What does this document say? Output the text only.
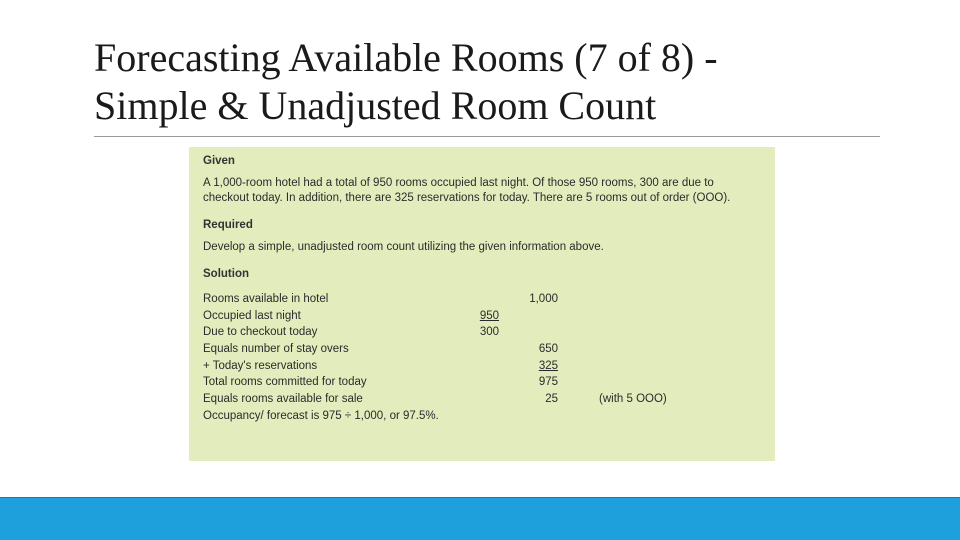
Forecasting Available Rooms (7 of 8) -
Simple & Unadjusted Room Count

Given

A 1,000-room hotel had a total of 950 rooms occupied last night. Of those 950 rooms, 300 are due to checkout today. In addition, there are 325 reservations for today. There are 5 rooms out of order (OOO).

Required

Develop a simple, unadjusted room count utilizing the given information above.

Solution

Rooms available in hotel	1,000
Occupied last night	950
Due to checkout today	300
Equals number of stay overs	650
+ Today's reservations	325
Total rooms committed for today	975
Equals rooms available for sale	25	(with 5 OOO)
Occupancy/ forecast is 975 ÷ 1,000, or 97.5%.
